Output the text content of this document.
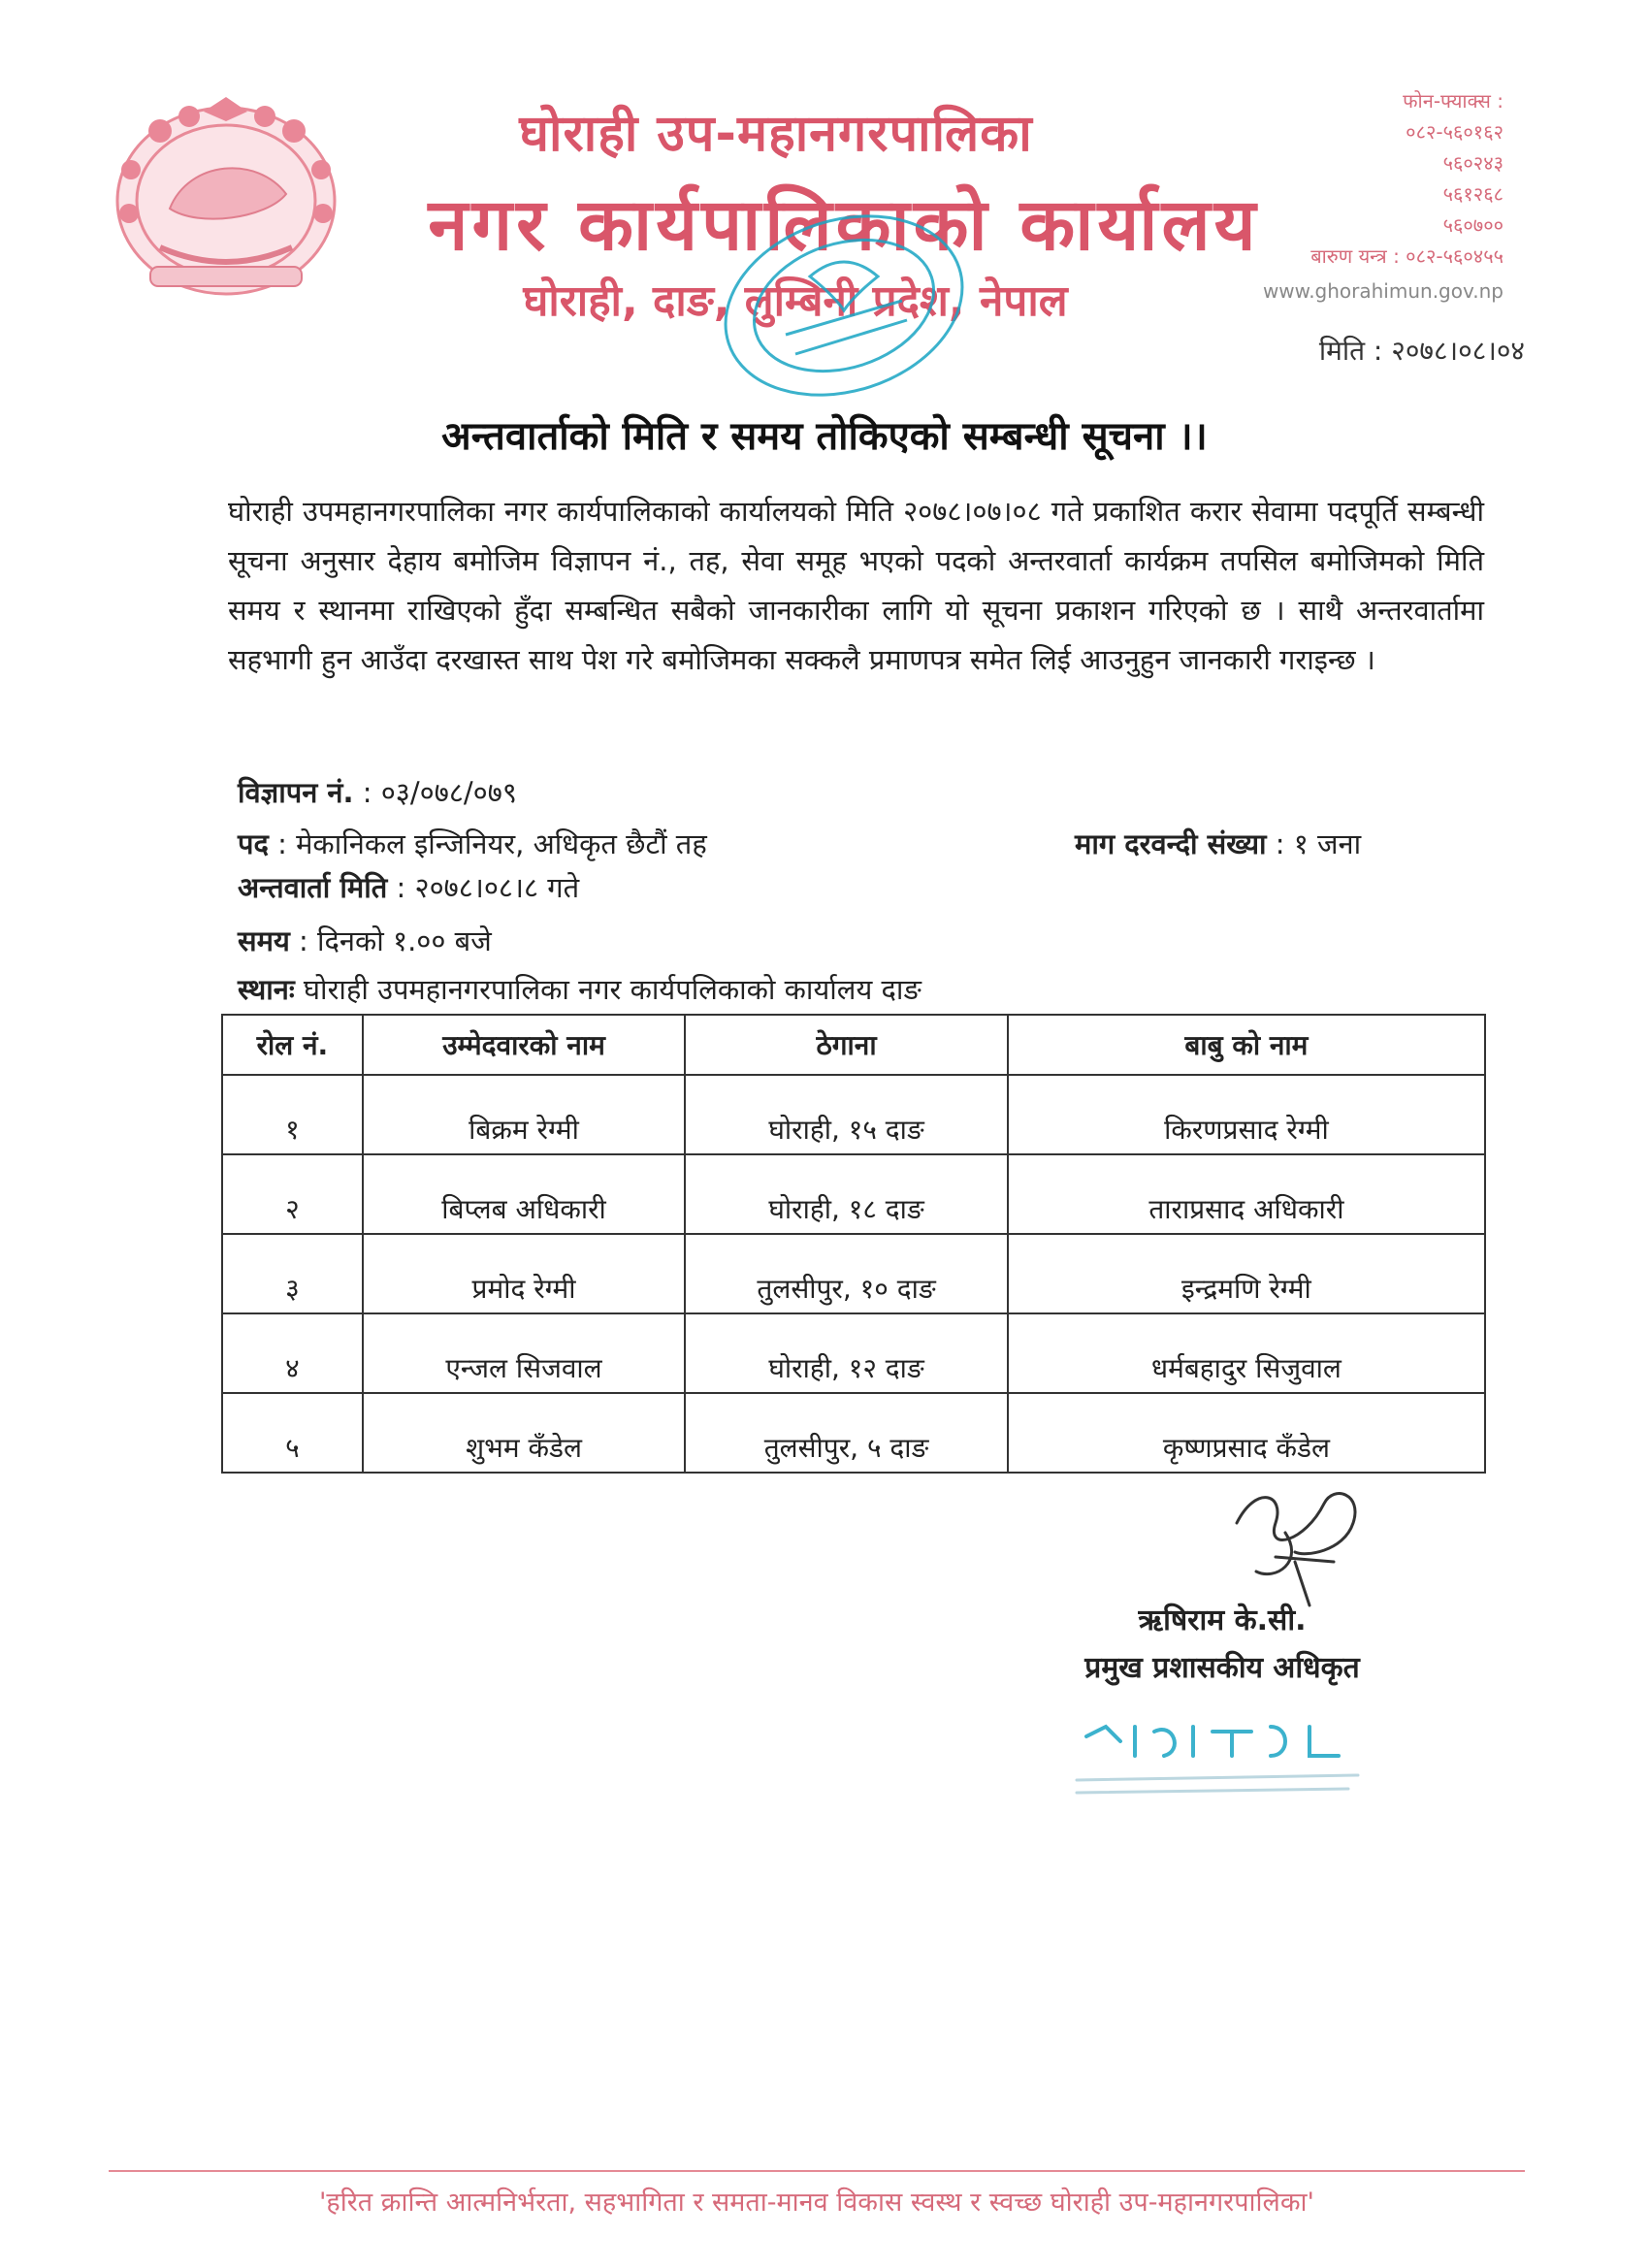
घोराही उप-महानगरपालिका
नगर कार्यपालिकाको कार्यालय
घोराही, दाङ, लुम्बिनी प्रदेश, नेपाल
फोन-फ्याक्स :
०८२-५६०१६२
५६०२४३
५६१२६८
५६०७००
बारुण यन्त्र : ०८२-५६०४५५
www.ghorahimun.gov.np
मिति : २०७८।०८।०४
अन्तवार्ताको मिति र समय तोकिएको सम्बन्धी सूचना ।।
घोराही उपमहानगरपालिका नगर कार्यपालिकाको कार्यालयको मिति २०७८।०७।०८ गते प्रकाशित करार सेवामा पदपूर्ति सम्बन्धी सूचना अनुसार देहाय बमोजिम विज्ञापन नं., तह, सेवा समूह भएको पदको अन्तरवार्ता कार्यक्रम तपसिल बमोजिमको मिति समय र स्थानमा राखिएको हुँदा सम्बन्धित सबैको जानकारीका लागि यो सूचना प्रकाशन गरिएको छ । साथै अन्तरवार्तामा सहभागी हुन आउँदा दरखास्त साथ पेश गरे बमोजिमका सक्कलै प्रमाणपत्र समेत लिई आउनुहुन जानकारी गराइन्छ ।
विज्ञापन नं. : ०३/०७८/०७९
पद : मेकानिकल इन्जिनियर, अधिकृत छैटौं तह	माग दरवन्दी संख्या : १ जना
अन्तवार्ता मिति : २०७८।०८।८ गते
समय : दिनको १.०० बजे
स्थानः घोराही उपमहानगरपालिका नगर कार्यपलिकाको कार्यालय दाङ
रोल नं.	उम्मेदवारको नाम	ठेगाना	बाबु को नाम
१	बिक्रम रेग्मी	घोराही, १५ दाङ	किरणप्रसाद रेग्मी
२	बिप्लब अधिकारी	घोराही, १८ दाङ	ताराप्रसाद अधिकारी
३	प्रमोद रेग्मी	तुलसीपुर, १० दाङ	इन्द्रमणि रेग्मी
४	एन्जल सिजवाल	घोराही, १२ दाङ	धर्मबहादुर सिजुवाल
५	शुभम कँडेल	तुलसीपुर, ५ दाङ	कृष्णप्रसाद कँडेल
ऋषिराम के.सी.
प्रमुख प्रशासकीय अधिकृत
'हरित क्रान्ति आत्मनिर्भरता, सहभागिता र समता-मानव विकास स्वस्थ र स्वच्छ घोराही उप-महानगरपालिका'
